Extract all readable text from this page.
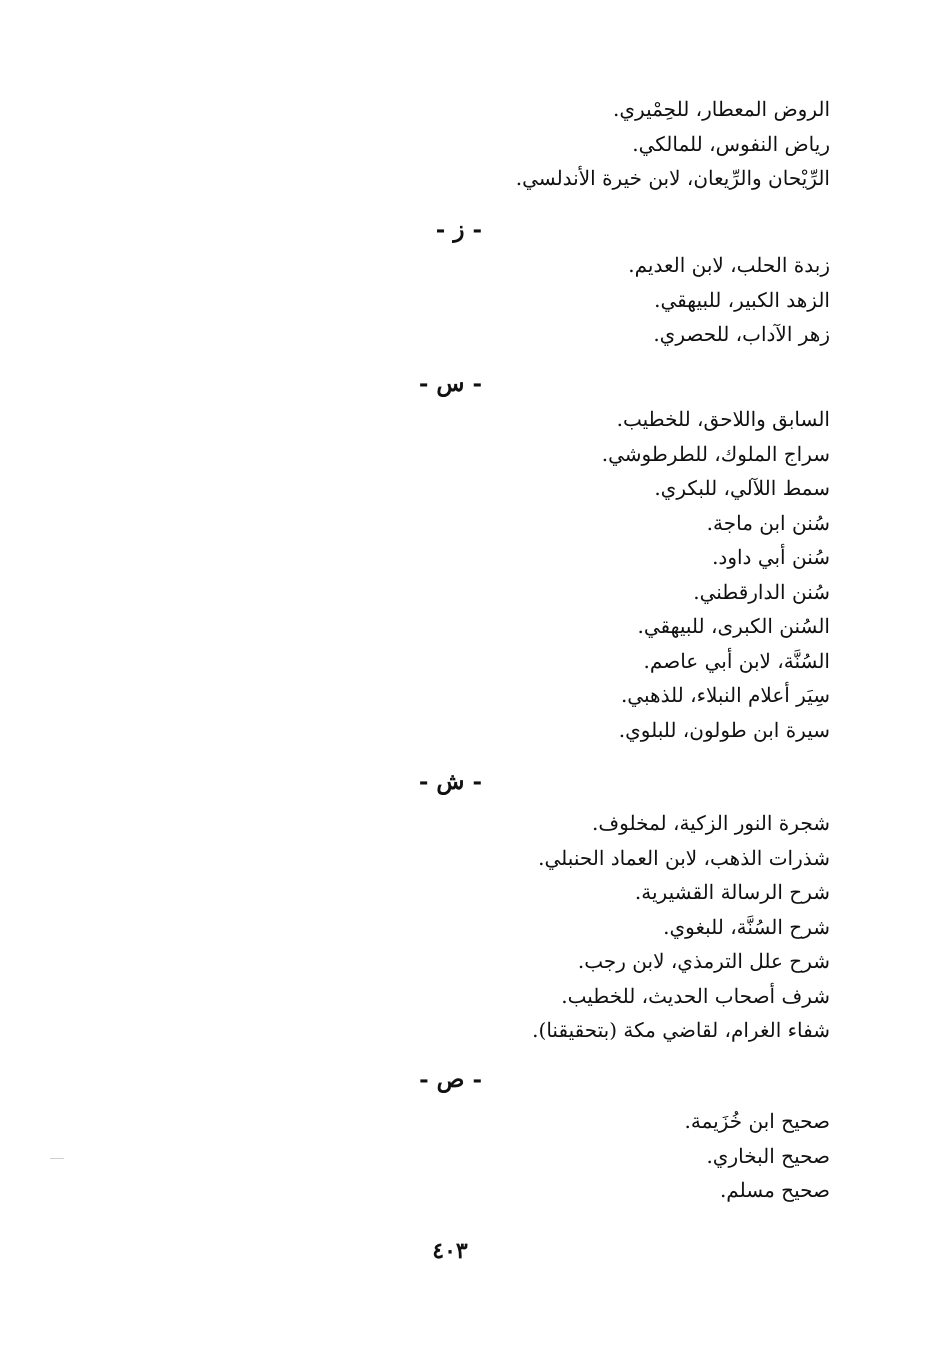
الروض المعطار، للحِمْيري.
رياض النفوس، للمالكي.
الرِّيْحان والرِّيعان، لابن خيرة الأندلسي.
- ز -
زبدة الحلب، لابن العديم.
الزهد الكبير، للبيهقي.
زهر الآداب، للحصري.
- س -
السابق واللاحق، للخطيب.
سراج الملوك، للطرطوشي.
سمط اللآلي، للبكري.
سُنن ابن ماجة.
سُنن أبي داود.
سُنن الدارقطني.
السُنن الكبرى، للبيهقي.
السُنَّة، لابن أبي عاصم.
سِيَر أعلام النبلاء، للذهبي.
سيرة ابن طولون، للبلوي.
- ش -
شجرة النور الزكية، لمخلوف.
شذرات الذهب، لابن العماد الحنبلي.
شرح الرسالة القشيرية.
شرح السُنَّة، للبغوي.
شرح علل الترمذي، لابن رجب.
شرف أصحاب الحديث، للخطيب.
شفاء الغرام، لقاضي مكة (بتحقيقنا).
- ص -
صحيح ابن خُزَيمة.
صحيح البخاري.
صحيح مسلم.
٤٠٣
